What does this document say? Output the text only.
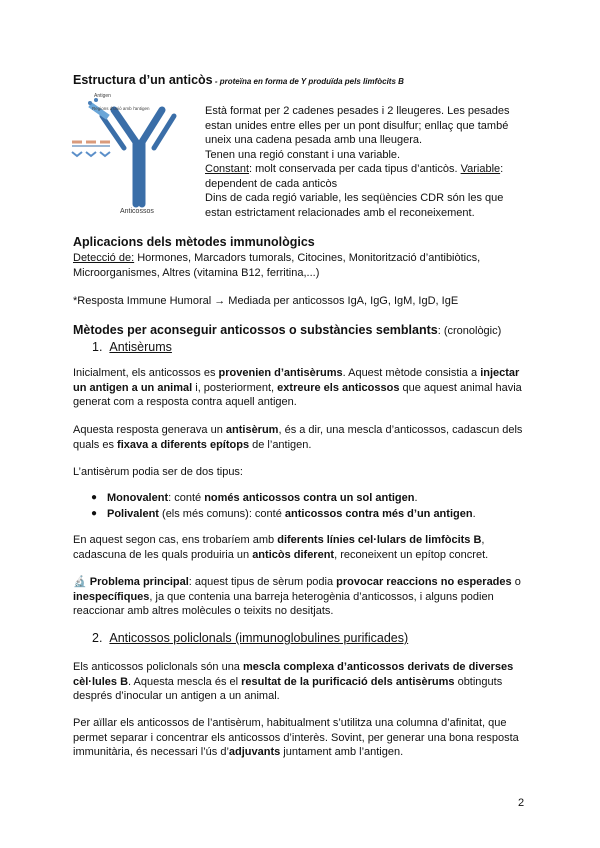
Estructura d’un anticòs - proteïna en forma de Y produïda pels limfòcits B
Antigen
Regions d'unió amb l'antigen
Anticossos
Està format per 2 cadenes pesades i 2 lleugeres. Les pesades
estan unides entre elles per un pont disulfur; enllaç que també
uneix una cadena pesada amb una lleugera.
Tenen una regió constant i una variable.
Constant: molt conservada per cada tipus d’anticòs. Variable:
dependent de cada anticòs
Dins de cada regió variable, les seqüències CDR són les que
estan estrictament relacionades amb el reconeixement.
Aplicacions dels mètodes immunològics
Detecció de: Hormones, Marcadors tumorals, Citocines, Monitorització d’antibiòtics,
Microorganismes, Altres (vitamina B12, ferritina,...)
*Resposta Immune Humoral → Mediada per anticossos IgA, IgG, IgM, IgD, IgE
Mètodes per aconseguir anticossos o substàncies semblants: (cronològic)
1. Antisèrums
Inicialment, els anticossos es provenien d’antisèrums. Aquest mètode consistia a injectar
un antigen a un animal i, posteriorment, extreure els anticossos que aquest animal havia
generat com a resposta contra aquell antigen.
Aquesta resposta generava un antisèrum, és a dir, una mescla d’anticossos, cadascun dels
quals es fixava a diferents epítops de l’antigen.
L’antisèrum podia ser de dos tipus:
● Monovalent: conté només anticossos contra un sol antigen.
● Polivalent (els més comuns): conté anticossos contra més d’un antigen.
En aquest segon cas, ens trobaríem amb diferents línies cel·lulars de limfòcits B,
cadascuna de les quals produiria un anticòs diferent, reconeixent un epítop concret.
🔬 Problema principal: aquest tipus de sèrum podia provocar reaccions no esperades o
inespecífiques, ja que contenia una barreja heterogènia d’anticossos, i alguns podien
reaccionar amb altres molècules o teixits no desitjats.
2. Anticossos policlonals (immunoglobulines purificades)
Els anticossos policlonals són una mescla complexa d’anticossos derivats de diverses
cèl·lules B. Aquesta mescla és el resultat de la purificació dels antisèrums obtinguts
després d’inocular un antigen a un animal.
Per aïllar els anticossos de l’antisèrum, habitualment s’utilitza una columna d’afinitat, que
permet separar i concentrar els anticossos d’interès. Sovint, per generar una bona resposta
immunitària, és necessari l’ús d’adjuvants juntament amb l’antigen.
2
